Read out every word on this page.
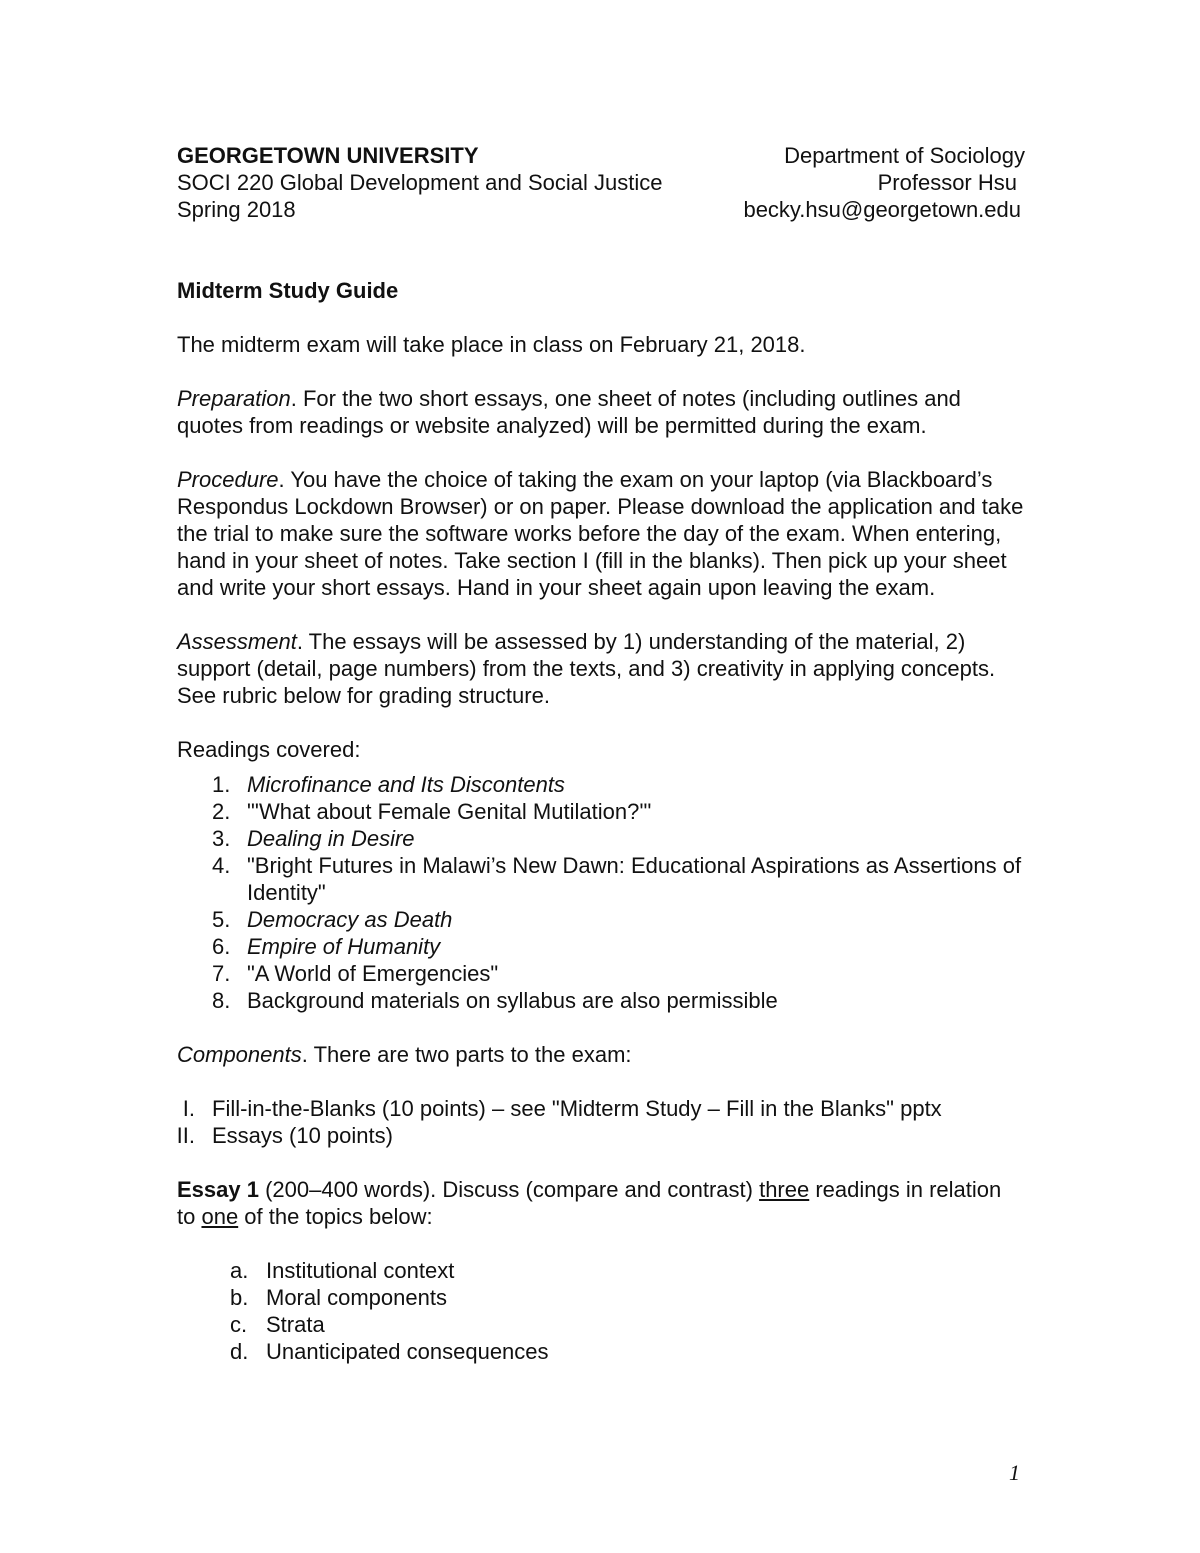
GEORGETOWN UNIVERSITY	Department of Sociology
SOCI 220 Global Development and Social Justice	Professor Hsu
Spring 2018	becky.hsu@georgetown.edu

Midterm Study Guide

The midterm exam will take place in class on February 21, 2018.

Preparation. For the two short essays, one sheet of notes (including outlines and quotes from readings or website analyzed) will be permitted during the exam.

Procedure. You have the choice of taking the exam on your laptop (via Blackboard’s Respondus Lockdown Browser) or on paper. Please download the application and take the trial to make sure the software works before the day of the exam. When entering, hand in your sheet of notes. Take section I (fill in the blanks). Then pick up your sheet and write your short essays. Hand in your sheet again upon leaving the exam.

Assessment. The essays will be assessed by 1) understanding of the material, 2) support (detail, page numbers) from the texts, and 3) creativity in applying concepts. See rubric below for grading structure.

Readings covered:

1. Microfinance and Its Discontents
2. "'What about Female Genital Mutilation?'"
3. Dealing in Desire
4. "Bright Futures in Malawi’s New Dawn: Educational Aspirations as Assertions of Identity"
5. Democracy as Death
6. Empire of Humanity
7. "A World of Emergencies"
8. Background materials on syllabus are also permissible

Components. There are two parts to the exam:

I. Fill-in-the-Blanks (10 points) – see "Midterm Study – Fill in the Blanks" pptx
II. Essays (10 points)

Essay 1 (200–400 words). Discuss (compare and contrast) three readings in relation to one of the topics below:

a. Institutional context
b. Moral components
c. Strata
d. Unanticipated consequences
1
